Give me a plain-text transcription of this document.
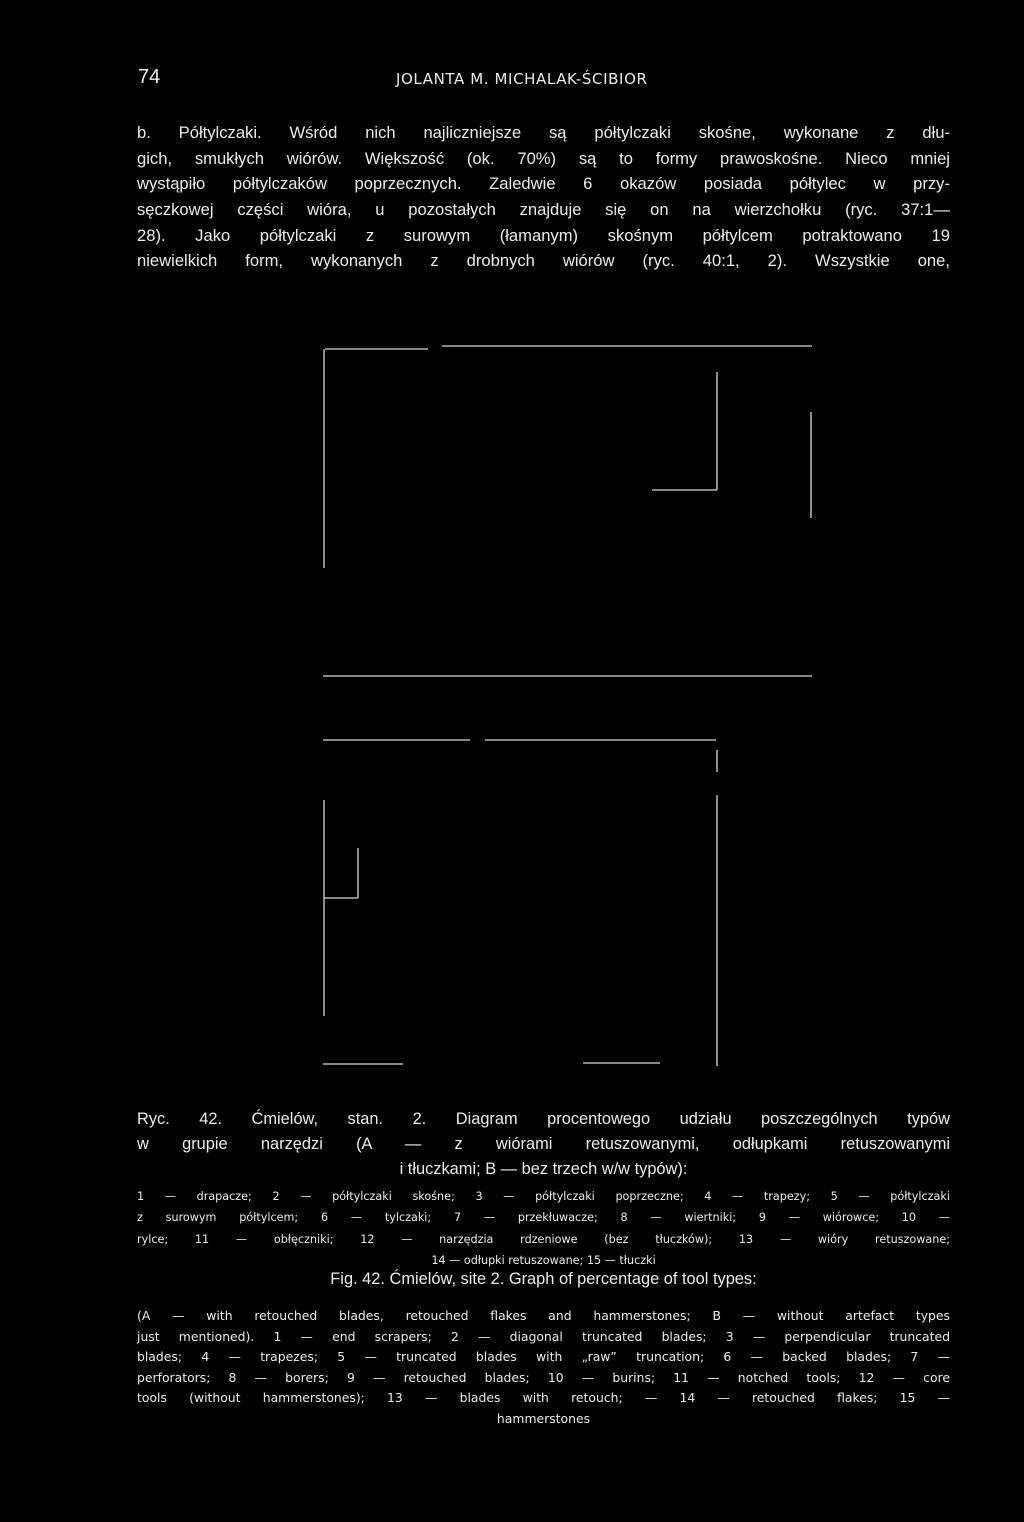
74	JOLANTA M. MICHALAK-ŚCIBIOR
b. Półtylczaki. Wśród nich najliczniejsze są półtylczaki skośne, wykonane z dłu-
gich, smukłych wiórów. Większość (ok. 70%) są to formy prawoskośne. Nieco mniej
wystąpiło półtylczaków poprzecznych. Zaledwie 6 okazów posiada półtylec w przy-
sęczkowej części wióra, u pozostałych znajduje się on na wierzchołku (ryc. 37:1—
28). Jako półtylczaki z surowym (łamanym) skośnym półtylcem potraktowano 19
niewielkich form, wykonanych z drobnych wiórów (ryc. 40:1, 2). Wszystkie one,
Ryc. 42. Ćmielów, stan. 2. Diagram procentowego udziału poszczególnych typów
w grupie narzędzi (A — z wiórami retuszowanymi, odłupkami retuszowanymi
i tłuczkami; B — bez trzech w/w typów):
1 — drapacze; 2 — półtylczaki skośne; 3 — półtylczaki poprzeczne; 4 — trapezy; 5 — półtylczaki
z surowym półtylcem; 6 — tylczaki; 7 — przekłuwacze; 8 — wiertniki; 9 — wiórowce; 10 —
rylce; 11 — obłęczniki; 12 — narzędzia rdzeniowe (bez tłuczków); 13 — wióry retuszowane;
14 — odłupki retuszowane; 15 — tłuczki
Fig. 42. Ćmielów, site 2. Graph of percentage of tool types:
(A — with retouched blades, retouched flakes and hammerstones; B — without artefact types
just mentioned). 1 — end scrapers; 2 — diagonal truncated blades; 3 — perpendicular truncated
blades; 4 — trapezes; 5 — truncated blades with „raw” truncation; 6 — backed blades; 7 —
perforators; 8 — borers; 9 — retouched blades; 10 — burins; 11 — notched tools; 12 — core
tools (without hammerstones); 13 — blades with retouch; — 14 — retouched flakes; 15 —
hammerstones
